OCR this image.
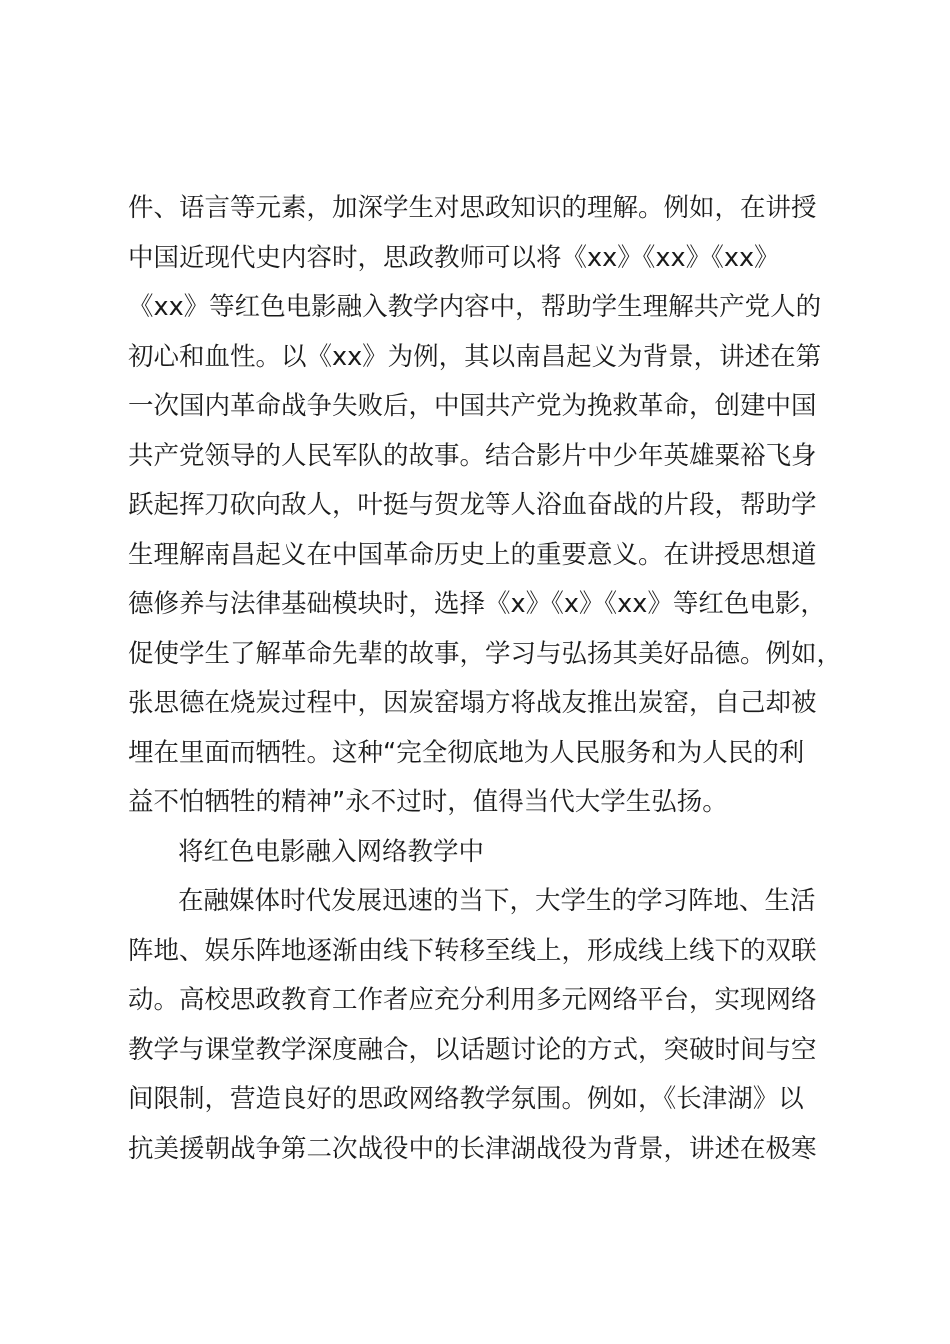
件、语言等元素，加深学生对思政知识的理解。例如，在讲授
中国近现代史内容时，思政教师可以将《xx》《xx》《xx》
《xx》等红色电影融入教学内容中，帮助学生理解共产党人的
初心和血性。以《xx》为例，其以南昌起义为背景，讲述在第
一次国内革命战争失败后，中国共产党为挽救革命，创建中国
共产党领导的人民军队的故事。结合影片中少年英雄粟裕飞身
跃起挥刀砍向敌人，叶挺与贺龙等人浴血奋战的片段，帮助学
生理解南昌起义在中国革命历史上的重要意义。在讲授思想道
德修养与法律基础模块时，选择《x》《x》《xx》等红色电影，
促使学生了解革命先辈的故事，学习与弘扬其美好品德。例如，
张思德在烧炭过程中，因炭窑塌方将战友推出炭窑，自己却被
埋在里面而牺牲。这种“完全彻底地为人民服务和为人民的利
益不怕牺牲的精神”永不过时，值得当代大学生弘扬。
将红色电影融入网络教学中
在融媒体时代发展迅速的当下，大学生的学习阵地、生活
阵地、娱乐阵地逐渐由线下转移至线上，形成线上线下的双联
动。高校思政教育工作者应充分利用多元网络平台，实现网络
教学与课堂教学深度融合，以话题讨论的方式，突破时间与空
间限制，营造良好的思政网络教学氛围。例如，《长津湖》以
抗美援朝战争第二次战役中的长津湖战役为背景，讲述在极寒
